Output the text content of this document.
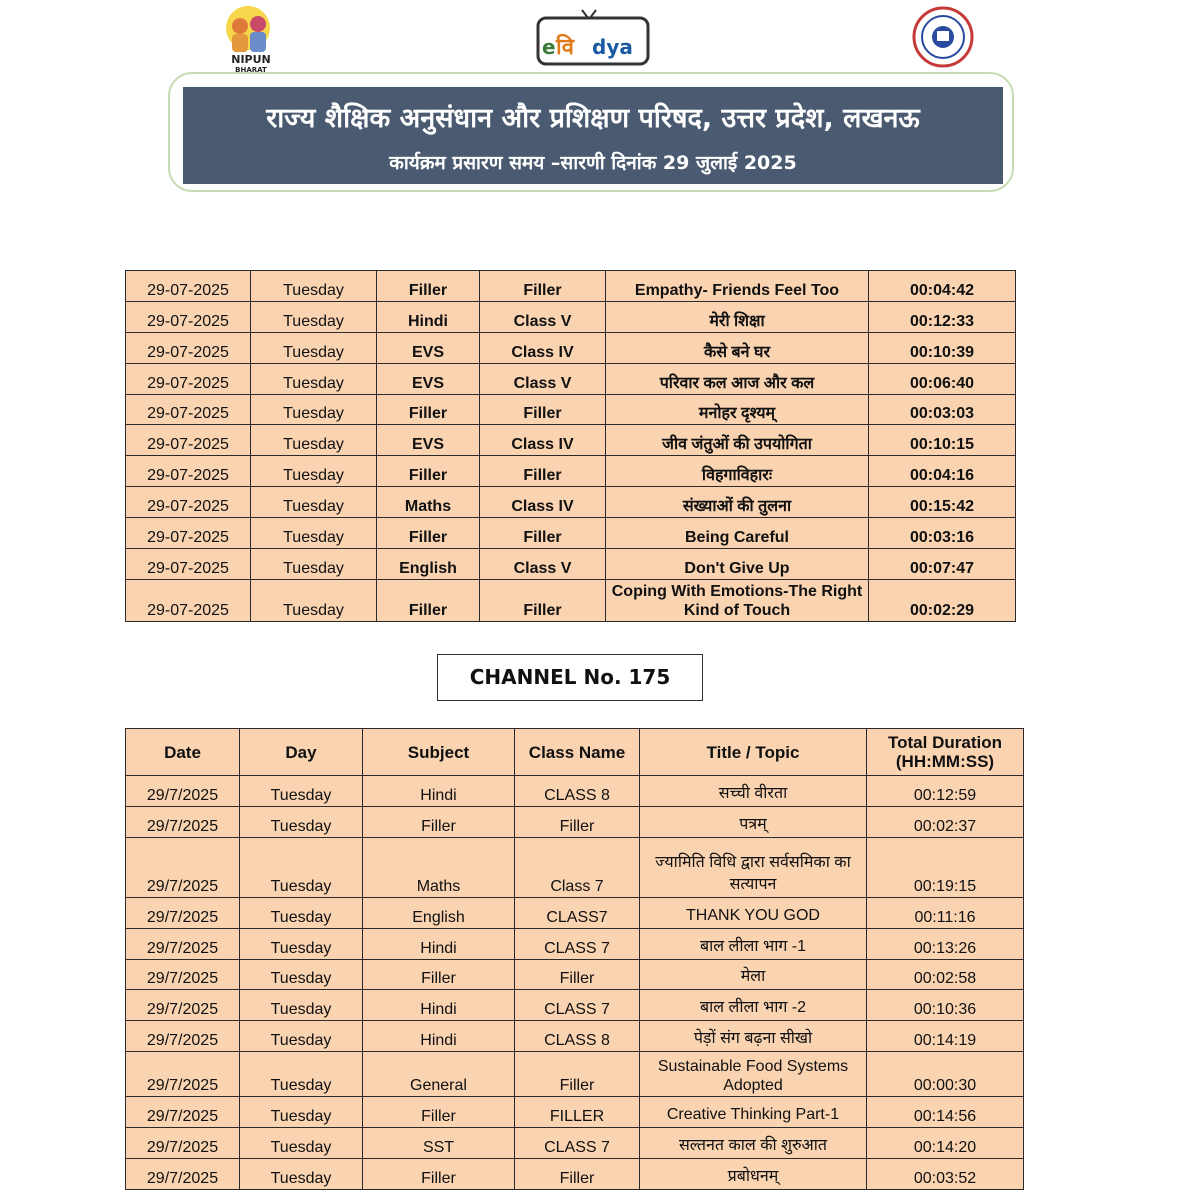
NIPUN
BHARAT
e वि dya
राज्य शैक्षिक अनुसंधान और प्रशिक्षण परिषद, उत्तर प्रदेश, लखनऊ
कार्यक्रम प्रसारण समय –सारणी दिनांक 29 जुलाई 2025
29-07-2025	Tuesday	Filler	Filler	Empathy- Friends Feel Too	00:04:42
29-07-2025	Tuesday	Hindi	Class V	मेरी शिक्षा	00:12:33
29-07-2025	Tuesday	EVS	Class IV	कैसे बने घर	00:10:39
29-07-2025	Tuesday	EVS	Class V	परिवार कल आज और कल	00:06:40
29-07-2025	Tuesday	Filler	Filler	मनोहर दृश्यम्	00:03:03
29-07-2025	Tuesday	EVS	Class IV	जीव जंतुओं की उपयोगिता	00:10:15
29-07-2025	Tuesday	Filler	Filler	विहगाविहारः	00:04:16
29-07-2025	Tuesday	Maths	Class IV	संख्याओं की तुलना	00:15:42
29-07-2025	Tuesday	Filler	Filler	Being Careful	00:03:16
29-07-2025	Tuesday	English	Class V	Don't Give Up	00:07:47
29-07-2025	Tuesday	Filler	Filler	Coping With Emotions-The Right Kind of Touch	00:02:29
CHANNEL No. 175
Date	Day	Subject	Class Name	Title / Topic	Total Duration (HH:MM:SS)
29/7/2025	Tuesday	Hindi	CLASS 8	सच्ची वीरता	00:12:59
29/7/2025	Tuesday	Filler	Filler	पत्रम्	00:02:37
29/7/2025	Tuesday	Maths	Class 7	ज्यामिति विधि द्वारा सर्वसमिका का सत्यापन	00:19:15
29/7/2025	Tuesday	English	CLASS7	THANK YOU GOD	00:11:16
29/7/2025	Tuesday	Hindi	CLASS 7	बाल लीला भाग -1	00:13:26
29/7/2025	Tuesday	Filler	Filler	मेला	00:02:58
29/7/2025	Tuesday	Hindi	CLASS 7	बाल लीला भाग -2	00:10:36
29/7/2025	Tuesday	Hindi	CLASS 8	पेड़ों संग बढ़ना सीखो	00:14:19
29/7/2025	Tuesday	General	Filler	Sustainable Food Systems Adopted	00:00:30
29/7/2025	Tuesday	Filler	FILLER	Creative Thinking Part-1	00:14:56
29/7/2025	Tuesday	SST	CLASS 7	सल्तनत काल की शुरुआत	00:14:20
29/7/2025	Tuesday	Filler	Filler	प्रबोधनम्	00:03:52
